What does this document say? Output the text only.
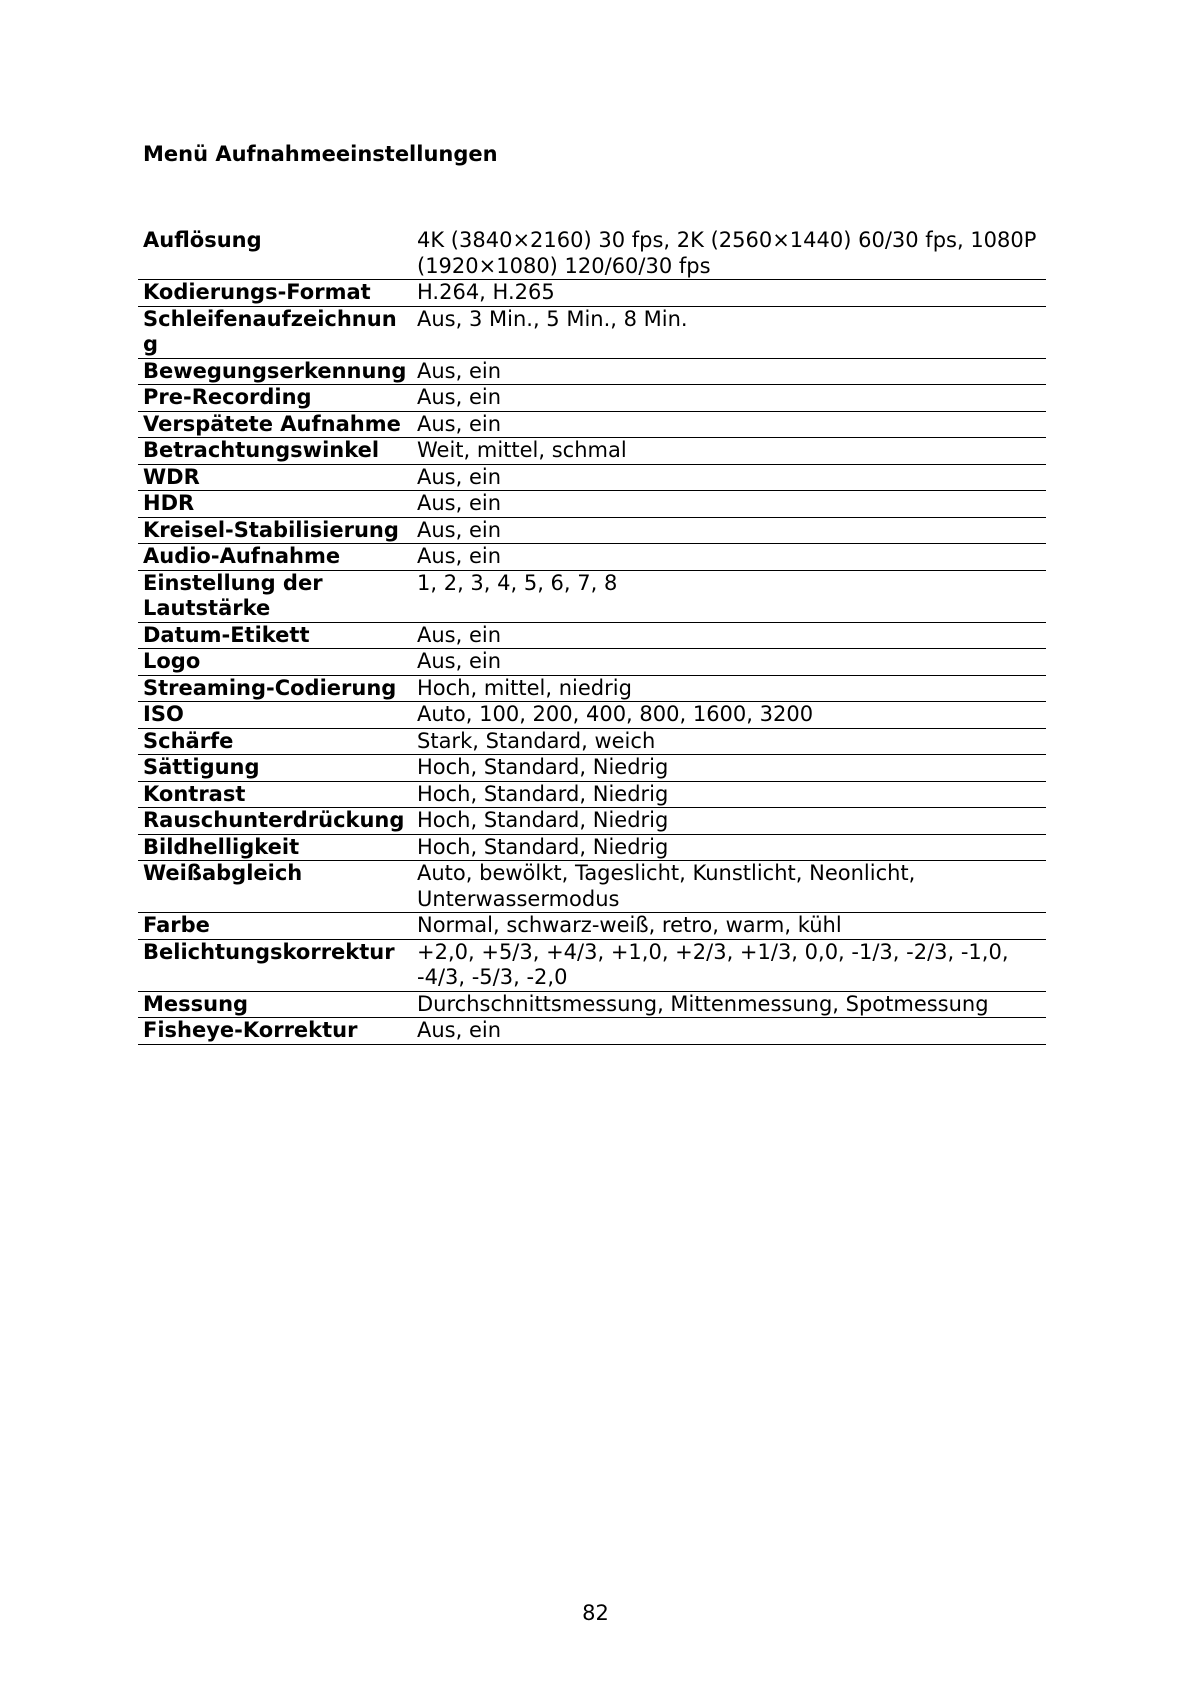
Menü Aufnahmeeinstellungen
Auflösung	4K (3840×2160) 30 fps, 2K (2560×1440) 60/30 fps, 1080P (1920×1080) 120/60/30 fps
Kodierungs-Format	H.264, H.265
Schleifenaufzeichnung	Aus, 3 Min., 5 Min., 8 Min.
Bewegungserkennung	Aus, ein
Pre-Recording	Aus, ein
Verspätete Aufnahme	Aus, ein
Betrachtungswinkel	Weit, mittel, schmal
WDR	Aus, ein
HDR	Aus, ein
Kreisel-Stabilisierung	Aus, ein
Audio-Aufnahme	Aus, ein
Einstellung der Lautstärke	1, 2, 3, 4, 5, 6, 7, 8
Datum-Etikett	Aus, ein
Logo	Aus, ein
Streaming-Codierung	Hoch, mittel, niedrig
ISO	Auto, 100, 200, 400, 800, 1600, 3200
Schärfe	Stark, Standard, weich
Sättigung	Hoch, Standard, Niedrig
Kontrast	Hoch, Standard, Niedrig
Rauschunterdrückung	Hoch, Standard, Niedrig
Bildhelligkeit	Hoch, Standard, Niedrig
Weißabgleich	Auto, bewölkt, Tageslicht, Kunstlicht, Neonlicht, Unterwassermodus
Farbe	Normal, schwarz-weiß, retro, warm, kühl
Belichtungskorrektur	+2,0, +5/3, +4/3, +1,0, +2/3, +1/3, 0,0, -1/3, -2/3, -1,0, -4/3, -5/3, -2,0
Messung	Durchschnittsmessung, Mittenmessung, Spotmessung
Fisheye-Korrektur	Aus, ein
82
